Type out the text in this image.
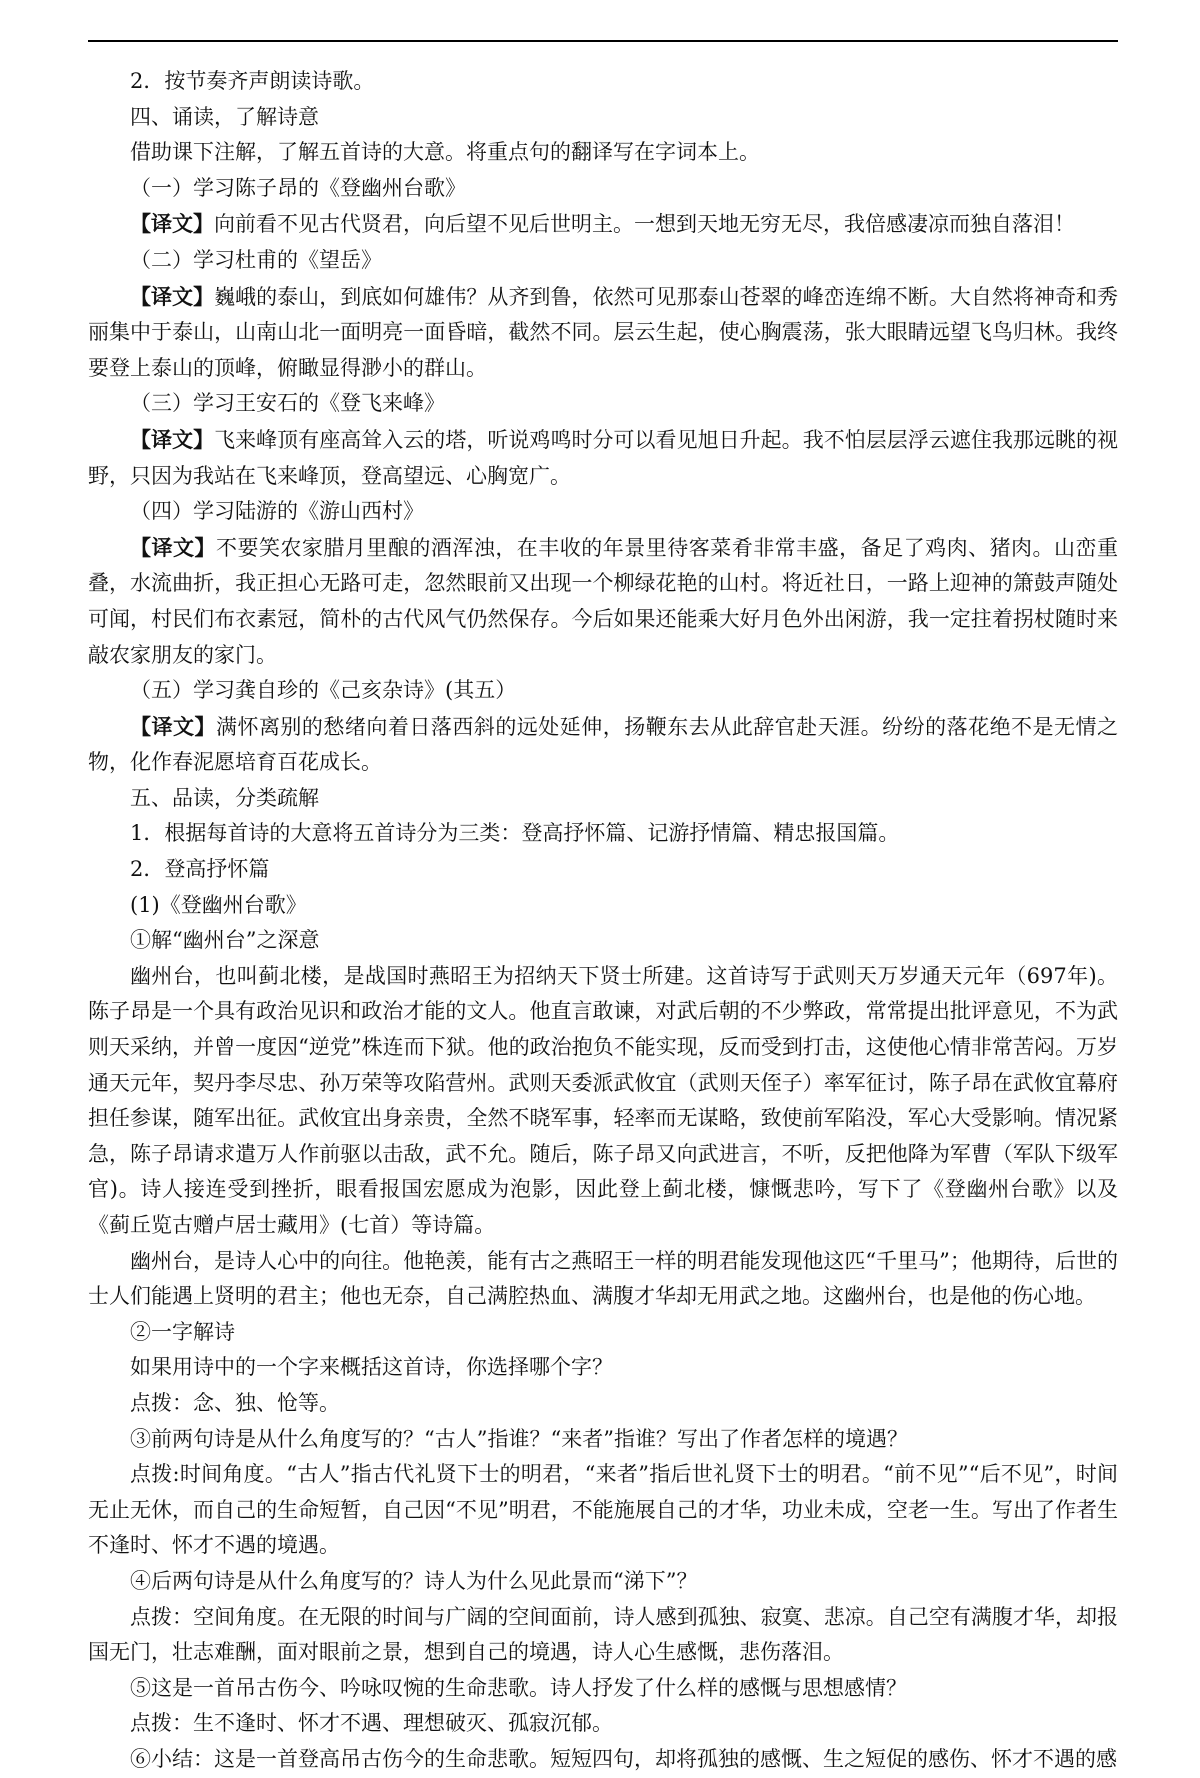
2．按节奏齐声朗读诗歌。

四、诵读，了解诗意

借助课下注解，了解五首诗的大意。将重点句的翻译写在字词本上。

（一）学习陈子昂的《登幽州台歌》

【译文】向前看不见古代贤君，向后望不见后世明主。一想到天地无穷无尽，我倍感凄凉而独自落泪！

（二）学习杜甫的《望岳》

【译文】巍峨的泰山，到底如何雄伟？从齐到鲁，依然可见那泰山苍翠的峰峦连绵不断。大自然将神奇和秀丽集中于泰山，山南山北一面明亮一面昏暗，截然不同。层云生起，使心胸震荡，张大眼睛远望飞鸟归林。我终要登上泰山的顶峰，俯瞰显得渺小的群山。

（三）学习王安石的《登飞来峰》

【译文】飞来峰顶有座高耸入云的塔，听说鸡鸣时分可以看见旭日升起。我不怕层层浮云遮住我那远眺的视野，只因为我站在飞来峰顶，登高望远、心胸宽广。

（四）学习陆游的《游山西村》

【译文】不要笑农家腊月里酿的酒浑浊，在丰收的年景里待客菜肴非常丰盛，备足了鸡肉、猪肉。山峦重叠，水流曲折，我正担心无路可走，忽然眼前又出现一个柳绿花艳的山村。将近社日，一路上迎神的箫鼓声随处可闻，村民们布衣素冠，简朴的古代风气仍然保存。今后如果还能乘大好月色外出闲游，我一定拄着拐杖随时来敲农家朋友的家门。

（五）学习龚自珍的《己亥杂诗》(其五）

【译文】满怀离别的愁绪向着日落西斜的远处延伸，扬鞭东去从此辞官赴天涯。纷纷的落花绝不是无情之物，化作春泥愿培育百花成长。

五、品读，分类疏解

1．根据每首诗的大意将五首诗分为三类：登高抒怀篇、记游抒情篇、精忠报国篇。

2．登高抒怀篇

(1)《登幽州台歌》

①解“幽州台”之深意

幽州台，也叫蓟北楼，是战国时燕昭王为招纳天下贤士所建。这首诗写于武则天万岁通天元年（697年)。陈子昂是一个具有政治见识和政治才能的文人。他直言敢谏，对武后朝的不少弊政，常常提出批评意见，不为武则天采纳，并曾一度因“逆党”株连而下狱。他的政治抱负不能实现，反而受到打击，这使他心情非常苦闷。万岁通天元年，契丹李尽忠、孙万荣等攻陷营州。武则天委派武攸宜（武则天侄子）率军征讨，陈子昂在武攸宜幕府担任参谋，随军出征。武攸宜出身亲贵，全然不晓军事，轻率而无谋略，致使前军陷没，军心大受影响。情况紧急，陈子昂请求遣万人作前驱以击敌，武不允。随后，陈子昂又向武进言，不听，反把他降为军曹（军队下级军官)。诗人接连受到挫折，眼看报国宏愿成为泡影，因此登上蓟北楼，慷慨悲吟，写下了《登幽州台歌》以及《蓟丘览古赠卢居士藏用》(七首）等诗篇。

幽州台，是诗人心中的向往。他艳羡，能有古之燕昭王一样的明君能发现他这匹“千里马”；他期待，后世的士人们能遇上贤明的君主；他也无奈，自己满腔热血、满腹才华却无用武之地。这幽州台，也是他的伤心地。

②一字解诗

如果用诗中的一个字来概括这首诗，你选择哪个字？

点拨：念、独、怆等。

③前两句诗是从什么角度写的？“古人”指谁？“来者”指谁？写出了作者怎样的境遇？

点拨:时间角度。“古人”指古代礼贤下士的明君，“来者”指后世礼贤下士的明君。“前不见”“后不见”，时间无止无休，而自己的生命短暂，自己因“不见”明君，不能施展自己的才华，功业未成，空老一生。写出了作者生不逢时、怀才不遇的境遇。

④后两句诗是从什么角度写的？诗人为什么见此景而“涕下”？

点拨：空间角度。在无限的时间与广阔的空间面前，诗人感到孤独、寂寞、悲凉。自己空有满腹才华，却报国无门，壮志难酬，面对眼前之景，想到自己的境遇，诗人心生感慨，悲伤落泪。

⑤这是一首吊古伤今、吟咏叹惋的生命悲歌。诗人抒发了什么样的感慨与思想感情？

点拨：生不逢时、怀才不遇、理想破灭、孤寂沉郁。

⑥小结：这是一首登高吊古伤今的生命悲歌。短短四句，却将孤独的感慨、生之短促的感伤、怀才不遇的感
